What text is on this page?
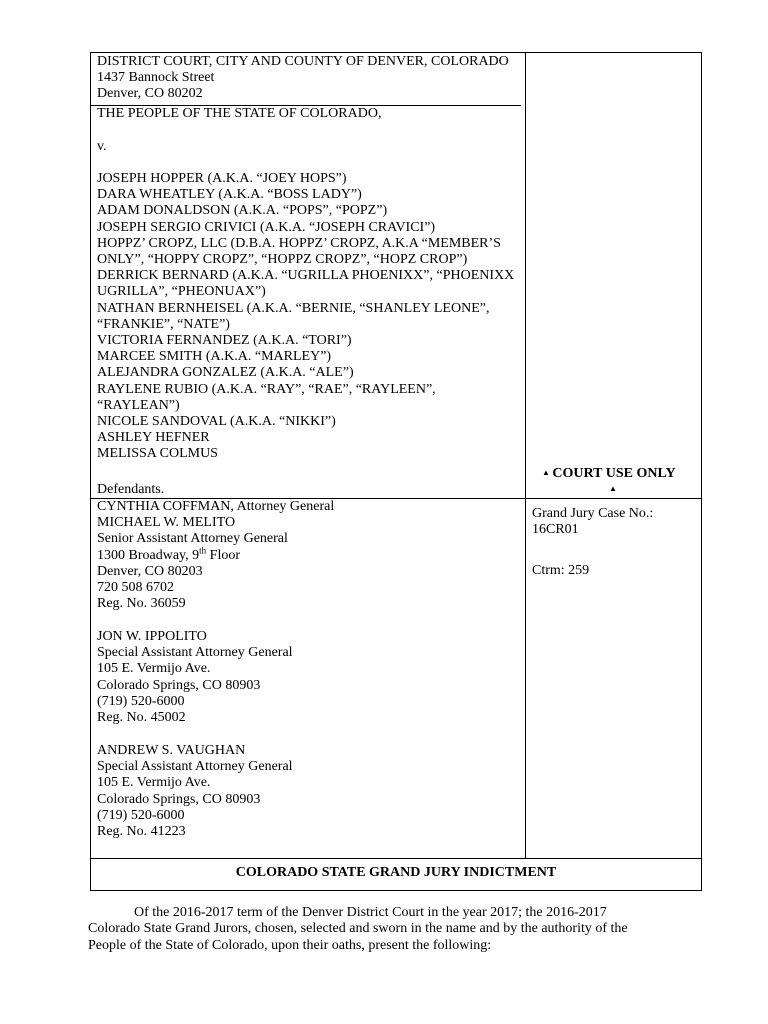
DISTRICT COURT, CITY AND COUNTY OF DENVER, COLORADO
1437 Bannock Street
Denver, CO 80202
THE PEOPLE OF THE STATE OF COLORADO,
v.
JOSEPH HOPPER (A.K.A. “JOEY HOPS”)
DARA WHEATLEY (A.K.A. “BOSS LADY”)
ADAM DONALDSON (A.K.A. “POPS”, “POPZ”)
JOSEPH SERGIO CRIVICI (A.K.A. “JOSEPH CRAVICI”)
HOPPZ’ CROPZ, LLC (D.B.A. HOPPZ’ CROPZ, A.K.A “MEMBER’S
ONLY”, “HOPPY CROPZ”, “HOPPZ CROPZ”, “HOPZ CROP”)
DERRICK BERNARD (A.K.A. “UGRILLA PHOENIXX”, “PHOENIXX
UGRILLA”, “PHEONUAX”)
NATHAN BERNHEISEL (A.K.A. “BERNIE, “SHANLEY LEONE”,
“FRANKIE”, “NATE”)
VICTORIA FERNANDEZ (A.K.A. “TORI”)
MARCEE SMITH (A.K.A. “MARLEY”)
ALEJANDRA GONZALEZ (A.K.A. “ALE”)
RAYLENE RUBIO (A.K.A. “RAY”, “RAE”, “RAYLEEN”,
“RAYLEAN”)
NICOLE SANDOVAL (A.K.A. “NIKKI”)
ASHLEY HEFNER
MELISSA COLMUS
Defendants.
▲ COURT USE ONLY
▲
CYNTHIA COFFMAN, Attorney General
MICHAEL W. MELITO
Senior Assistant Attorney General
1300 Broadway, 9th Floor
Denver, CO 80203
720 508 6702
Reg. No. 36059
JON W. IPPOLITO
Special Assistant Attorney General
105 E. Vermijo Ave.
Colorado Springs, CO 80903
(719) 520-6000
Reg. No. 45002
ANDREW S. VAUGHAN
Special Assistant Attorney General
105 E. Vermijo Ave.
Colorado Springs, CO 80903
(719) 520-6000
Reg. No. 41223
Grand Jury Case No.:
16CR01
Ctrm: 259
COLORADO STATE GRAND JURY INDICTMENT
Of the 2016-2017 term of the Denver District Court in the year 2017; the 2016-2017 Colorado State Grand Jurors, chosen, selected and sworn in the name and by the authority of the People of the State of Colorado, upon their oaths, present the following:
